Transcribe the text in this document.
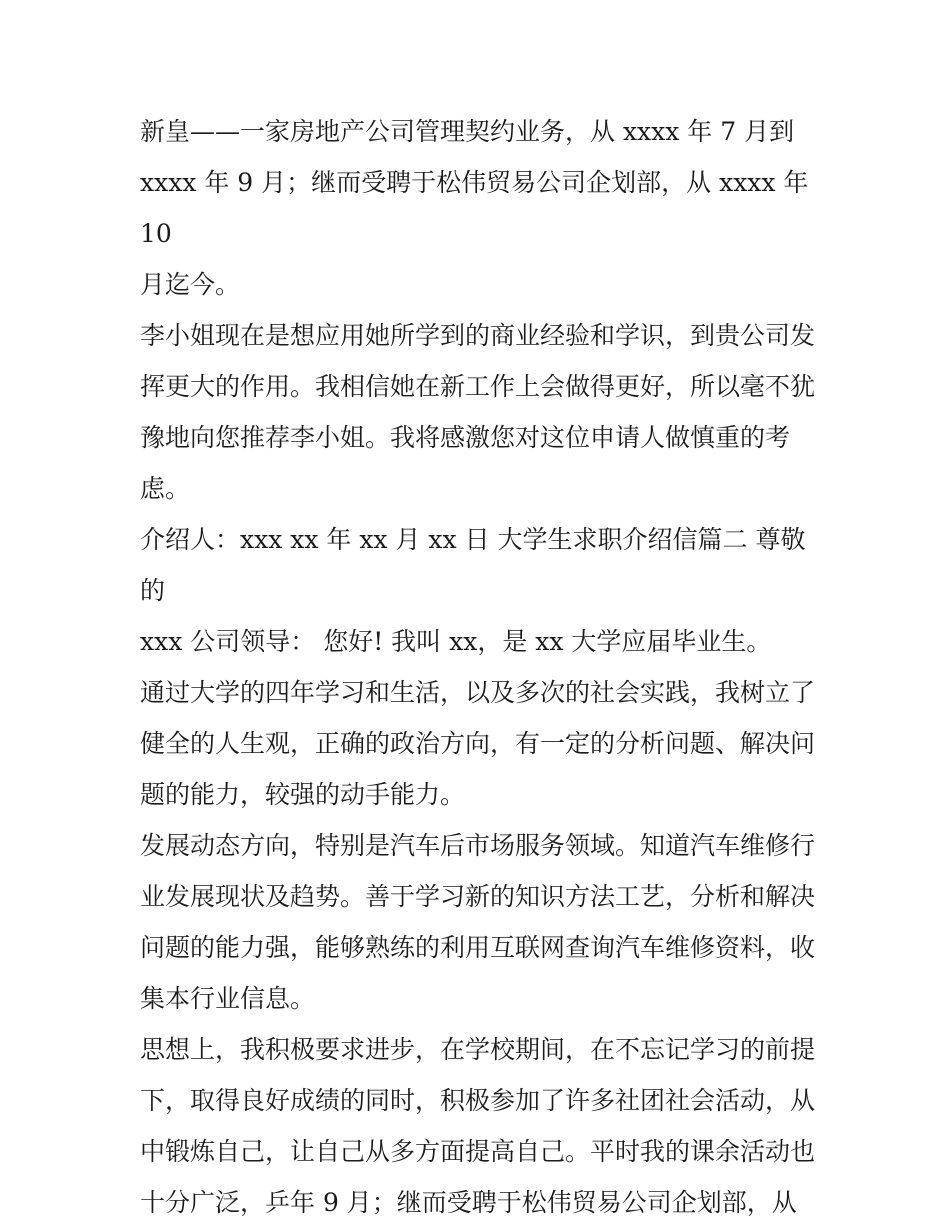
新皇——一家房地产公司管理契约业务，从 xxxx 年 7 月到
xxxx 年 9 月；继而受聘于松伟贸易公司企划部，从 xxxx 年 10
月迄今。

李小姐现在是想应用她所学到的商业经验和学识，到贵公司发
挥更大的作用。我相信她在新工作上会做得更好，所以毫不犹
豫地向您推荐李小姐。我将感激您对这位申请人做慎重的考
虑。

介绍人：xxx xx 年 xx 月 xx 日 大学生求职介绍信篇二 尊敬的
xxx 公司领导： 您好! 我叫 xx，是 xx 大学应届毕业生。

通过大学的四年学习和生活，以及多次的社会实践，我树立了
健全的人生观，正确的政治方向，有一定的分析问题、解决问
题的能力，较强的动手能力。

发展动态方向，特别是汽车后市场服务领域。知道汽车维修行
业发展现状及趋势。善于学习新的知识方法工艺，分析和解决
问题的能力强，能够熟练的利用互联网查询汽车维修资料，收
集本行业信息。

思想上，我积极要求进步，在学校期间，在不忘记学习的前提
下，取得良好成绩的同时，积极参加了许多社团社会活动，从
中锻炼自己，让自己从多方面提高自己。平时我的课余活动也
十分广泛，乒年 9 月；继而受聘于松伟贸易公司企划部，从
